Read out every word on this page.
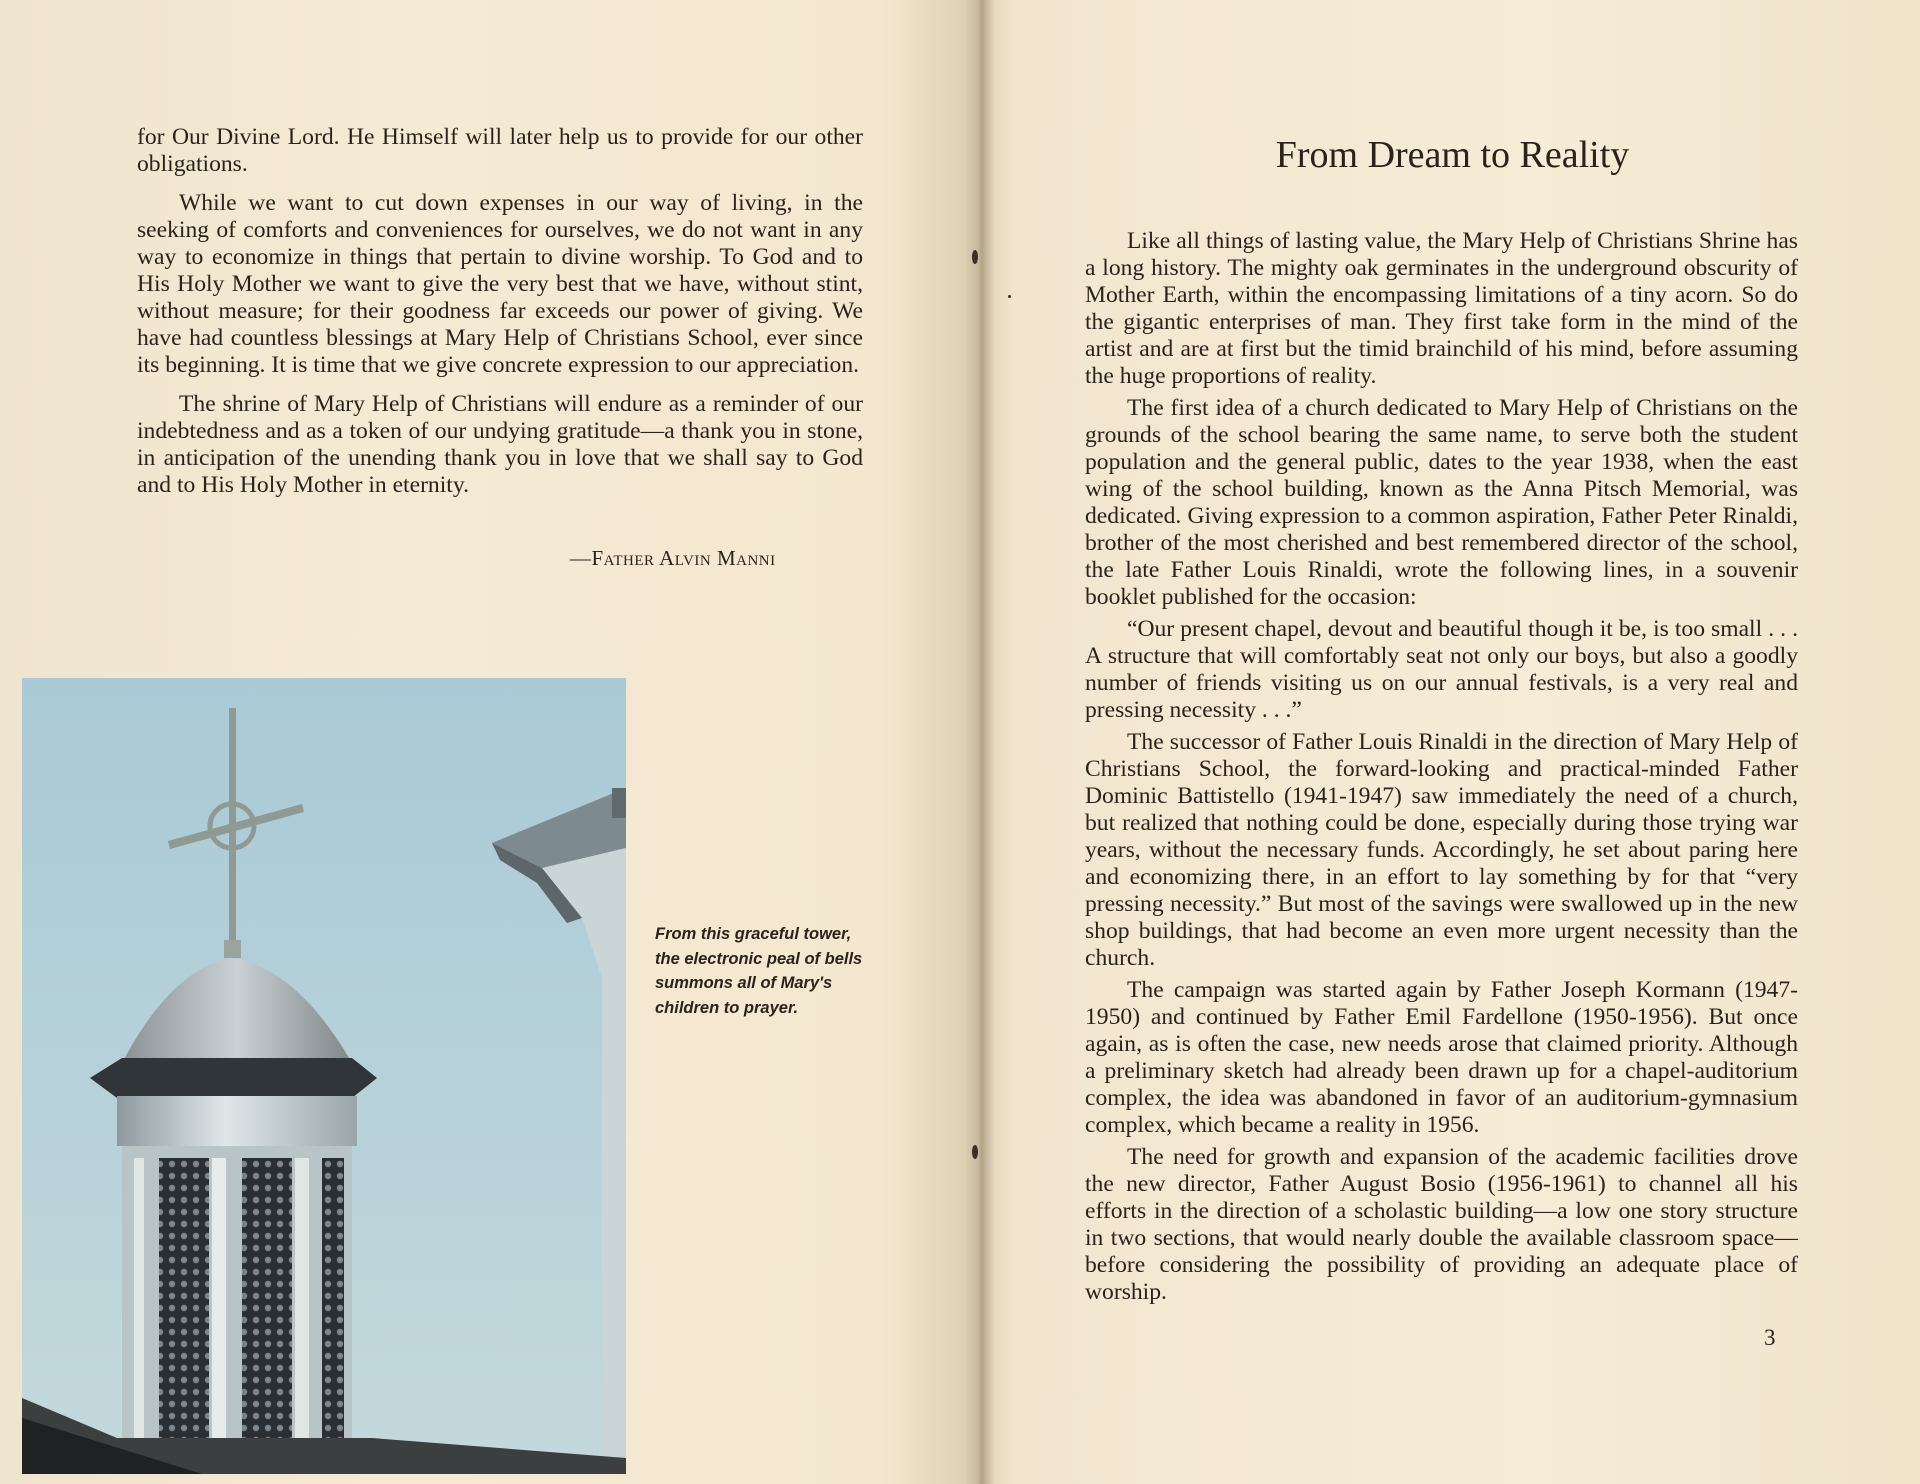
for Our Divine Lord. He Himself will later help us to provide for our other obligations.

While we want to cut down expenses in our way of living, in the seeking of comforts and conveniences for ourselves, we do not want in any way to economize in things that pertain to divine worship. To God and to His Holy Mother we want to give the very best that we have, without stint, without measure; for their goodness far exceeds our power of giving. We have had countless blessings at Mary Help of Christians School, ever since its beginning. It is time that we give concrete expression to our appreciation.

The shrine of Mary Help of Christians will endure as a reminder of our indebtedness and as a token of our undying gratitude—a thank you in stone, in anticipation of the unending thank you in love that we shall say to God and to His Holy Mother in eternity.

—Father Alvin Manni
From this graceful tower, the electronic peal of bells summons all of Mary's children to prayer.
From Dream to Reality

Like all things of lasting value, the Mary Help of Christians Shrine has a long history. The mighty oak germinates in the underground obscurity of Mother Earth, within the encompassing limitations of a tiny acorn. So do the gigantic enterprises of man. They first take form in the mind of the artist and are at first but the timid brainchild of his mind, before assuming the huge proportions of reality.

The first idea of a church dedicated to Mary Help of Christians on the grounds of the school bearing the same name, to serve both the student population and the general public, dates to the year 1938, when the east wing of the school building, known as the Anna Pitsch Memorial, was dedicated. Giving expression to a common aspiration, Father Peter Rinaldi, brother of the most cherished and best remembered director of the school, the late Father Louis Rinaldi, wrote the following lines, in a souvenir booklet published for the occasion:

“Our present chapel, devout and beautiful though it be, is too small . . . A structure that will comfortably seat not only our boys, but also a goodly number of friends visiting us on our annual festivals, is a very real and pressing necessity . . .”

The successor of Father Louis Rinaldi in the direction of Mary Help of Christians School, the forward-looking and practical-minded Father Dominic Battistello (1941-1947) saw immediately the need of a church, but realized that nothing could be done, especially during those trying war years, without the necessary funds. Accordingly, he set about paring here and economizing there, in an effort to lay something by for that “very pressing necessity.” But most of the savings were swallowed up in the new shop buildings, that had become an even more urgent necessity than the church.

The campaign was started again by Father Joseph Kormann (1947-1950) and continued by Father Emil Fardellone (1950-1956). But once again, as is often the case, new needs arose that claimed priority. Although a preliminary sketch had already been drawn up for a chapel-auditorium complex, the idea was abandoned in favor of an auditorium-gymnasium complex, which became a reality in 1956.

The need for growth and expansion of the academic facilities drove the new director, Father August Bosio (1956-1961) to channel all his efforts in the direction of a scholastic building—a low one story structure in two sections, that would nearly double the available classroom space—before considering the possibility of providing an adequate place of worship.

3
